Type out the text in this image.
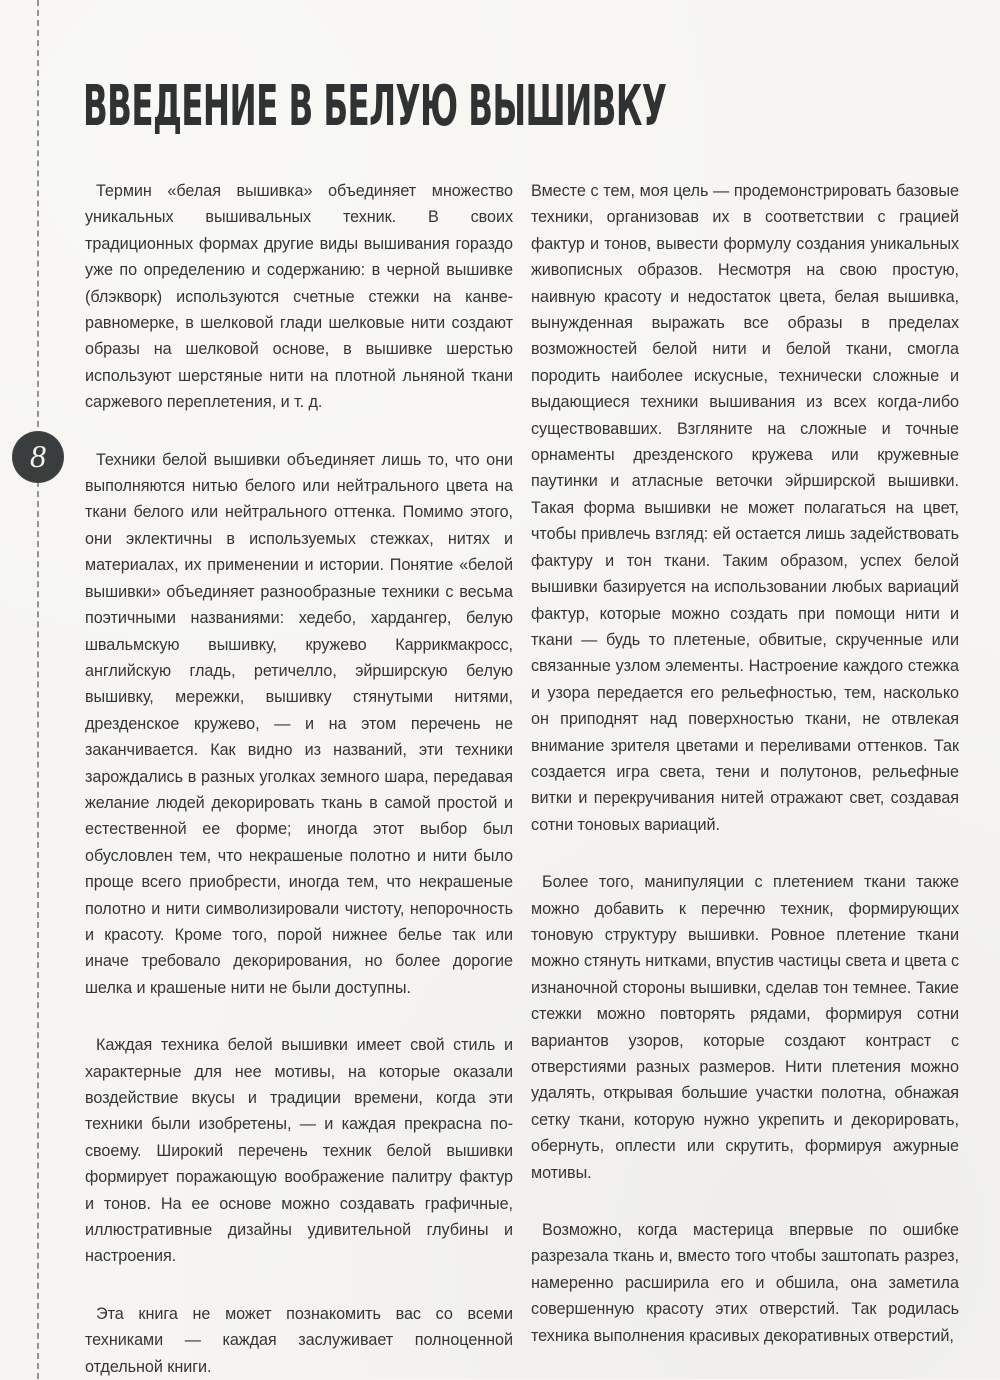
8
ВВЕДЕНИЕ В БЕЛУЮ ВЫШИВКУ

Термин «белая вышивка» объединяет множество уникальных вышивальных техник. В своих традиционных формах другие виды вышивания гораздо уже по определению и содержанию: в черной вышивке (блэкворк) используются счетные стежки на канве-равномерке, в шелковой глади шелковые нити создают образы на шелковой основе, в вышивке шерстью используют шерстяные нити на плотной льняной ткани саржевого переплетения, и т. д.

Техники белой вышивки объединяет лишь то, что они выполняются нитью белого или нейтрального цвета на ткани белого или нейтрального оттенка. Помимо этого, они эклектичны в используемых стежках, нитях и материалах, их применении и истории. Понятие «белой вышивки» объединяет разнообразные техники с весьма поэтичными названиями: хедебо, хардангер, белую швальмскую вышивку, кружево Каррикмакросс, английскую гладь, ретичелло, эйрширскую белую вышивку, мережки, вышивку стянутыми нитями, дрезденское кружево, — и на этом перечень не заканчивается. Как видно из названий, эти техники зарождались в разных уголках земного шара, передавая желание людей декорировать ткань в самой простой и естественной ее форме; иногда этот выбор был обусловлен тем, что некрашеные полотно и нити было проще всего приобрести, иногда тем, что некрашеные полотно и нити символизировали чистоту, непорочность и красоту. Кроме того, порой нижнее белье так или иначе требовало декорирования, но более дорогие шелка и крашеные нити не были доступны.

Каждая техника белой вышивки имеет свой стиль и характерные для нее мотивы, на которые оказали воздействие вкусы и традиции времени, когда эти техники были изобретены, — и каждая прекрасна по-своему. Широкий перечень техник белой вышивки формирует поражающую воображение палитру фактур и тонов. На ее основе можно создавать графичные, иллюстративные дизайны удивительной глубины и настроения.

Эта книга не может познакомить вас со всеми техниками — каждая заслуживает полноценной отдельной книги.

Вместе с тем, моя цель — продемонстрировать базовые техники, организовав их в соответствии с грацией фактур и тонов, вывести формулу создания уникальных живописных образов. Несмотря на свою простую, наивную красоту и недостаток цвета, белая вышивка, вынужденная выражать все образы в пределах возможностей белой нити и белой ткани, смогла породить наиболее искусные, технически сложные и выдающиеся техники вышивания из всех когда-либо существовавших. Взгляните на сложные и точные орнаменты дрезденского кружева или кружевные паутинки и атласные веточки эйрширской вышивки. Такая форма вышивки не может полагаться на цвет, чтобы привлечь взгляд: ей остается лишь задействовать фактуру и тон ткани. Таким образом, успех белой вышивки базируется на использовании любых вариаций фактур, которые можно создать при помощи нити и ткани — будь то плетеные, обвитые, скрученные или связанные узлом элементы. Настроение каждого стежка и узора передается его рельефностью, тем, насколько он приподнят над поверхностью ткани, не отвлекая внимание зрителя цветами и переливами оттенков. Так создается игра света, тени и полутонов, рельефные витки и перекручивания нитей отражают свет, создавая сотни тоновых вариаций.

Более того, манипуляции с плетением ткани также можно добавить к перечню техник, формирующих тоновую структуру вышивки. Ровное плетение ткани можно стянуть нитками, впустив частицы света и цвета с изнаночной стороны вышивки, сделав тон темнее. Такие стежки можно повторять рядами, формируя сотни вариантов узоров, которые создают контраст с отверстиями разных размеров. Нити плетения можно удалять, открывая большие участки полотна, обнажая сетку ткани, которую нужно укрепить и декорировать, обернуть, оплести или скрутить, формируя ажурные мотивы.

Возможно, когда мастерица впервые по ошибке разрезала ткань и, вместо того чтобы заштопать разрез, намеренно расширила его и обшила, она заметила совершенную красоту этих отверстий. Так родилась техника выполнения красивых декоративных отверстий,
